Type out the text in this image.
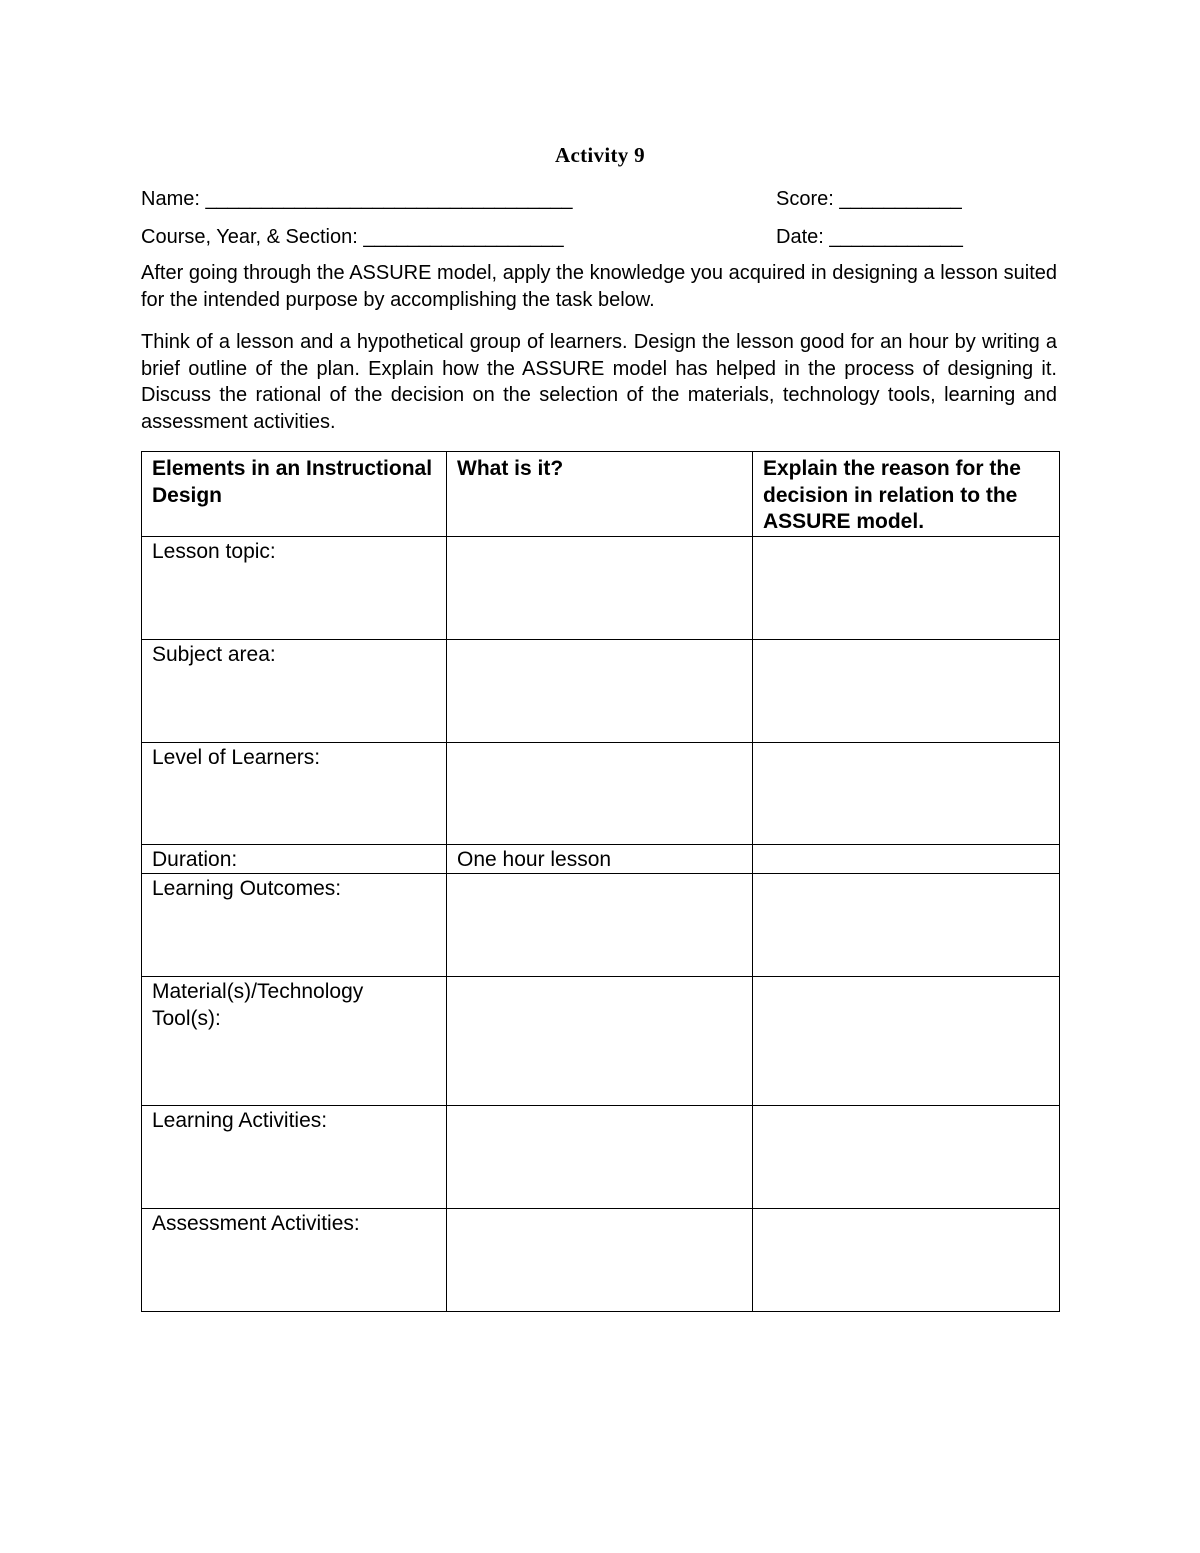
Activity 9
Name: _________________________________	Score: ___________
Course, Year, & Section: __________________	Date: ____________
After going through the ASSURE model, apply the knowledge you acquired in designing a lesson suited for the intended purpose by accomplishing the task below.
Think of a lesson and a hypothetical group of learners. Design the lesson good for an hour by writing a brief outline of the plan. Explain how the ASSURE model has helped in the process of designing it. Discuss the rational of the decision on the selection of the materials, technology tools, learning and assessment activities.
Elements in an Instructional Design	What is it?	Explain the reason for the decision in relation to the ASSURE model.
Lesson topic:		
Subject area:		
Level of Learners:		
Duration:	One hour lesson	
Learning Outcomes:		
Material(s)/Technology Tool(s):		
Learning Activities:		
Assessment Activities:		
